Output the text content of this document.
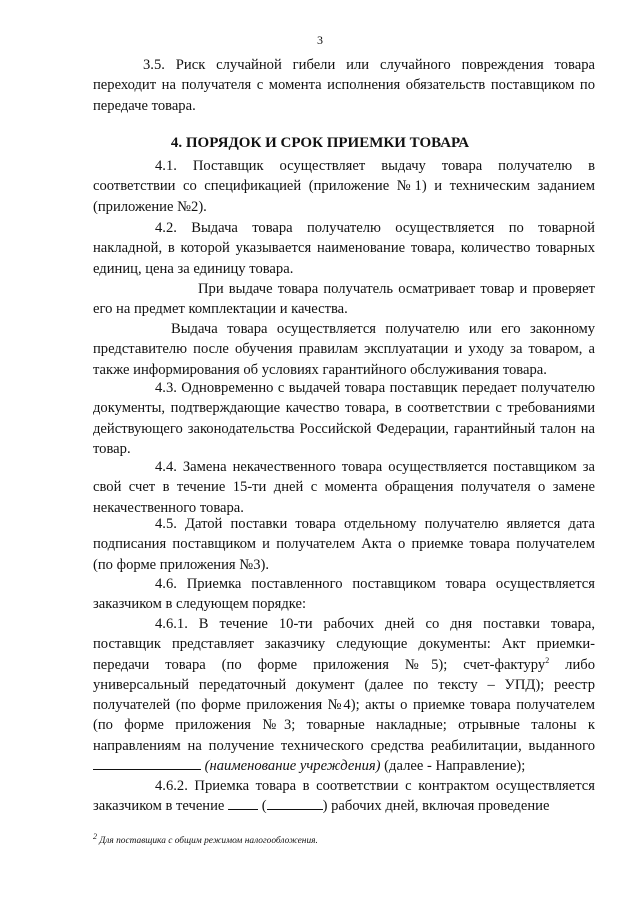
3
3.5. Риск случайной гибели или случайного повреждения товара переходит на получателя с момента исполнения обязательств поставщиком по передаче товара.
4. ПОРЯДОК И СРОК ПРИЕМКИ ТОВАРА
4.1. Поставщик осуществляет выдачу товара получателю в соответствии со спецификацией (приложение №1) и техническим заданием (приложение №2).
4.2. Выдача товара получателю осуществляется по товарной накладной, в которой указывается наименование товара, количество товарных единиц, цена за единицу товара.
При выдаче товара получатель осматривает товар и проверяет его на предмет комплектации и качества.
Выдача товара осуществляется получателю или его законному представителю после обучения правилам эксплуатации и уходу за товаром, а также информирования об условиях гарантийного обслуживания товара.
4.3. Одновременно с выдачей товара поставщик передает получателю документы, подтверждающие качество товара, в соответствии с требованиями действующего законодательства Российской Федерации, гарантийный талон на товар.
4.4. Замена некачественного товара осуществляется поставщиком за свой счет в течение 15-ти дней с момента обращения получателя о замене некачественного товара.
4.5. Датой поставки товара отдельному получателю является дата подписания поставщиком и получателем Акта о приемке товара получателем (по форме приложения №3).
4.6. Приемка поставленного поставщиком товара осуществляется заказчиком в следующем порядке:
4.6.1. В течение 10-ти рабочих дней со дня поставки товара, поставщик представляет заказчику следующие документы: Акт приемки-передачи товара (по форме приложения №5); счет-фактуру$^2$ либо универсальный передаточный документ (далее по тексту – УПД); реестр получателей (по форме приложения №4); акты о приемке товара получателем (по форме приложения №3; товарные накладные; отрывные талоны к направлениям на получение технического средства реабилитации, выданного  (наименование учреждения) (далее - Направление);
4.6.2. Приемка товара в соответствии с контрактом осуществляется заказчиком в течение	(	) рабочих дней, включая проведение
$^2$ Для поставщика с общим режимом налогообложения.
